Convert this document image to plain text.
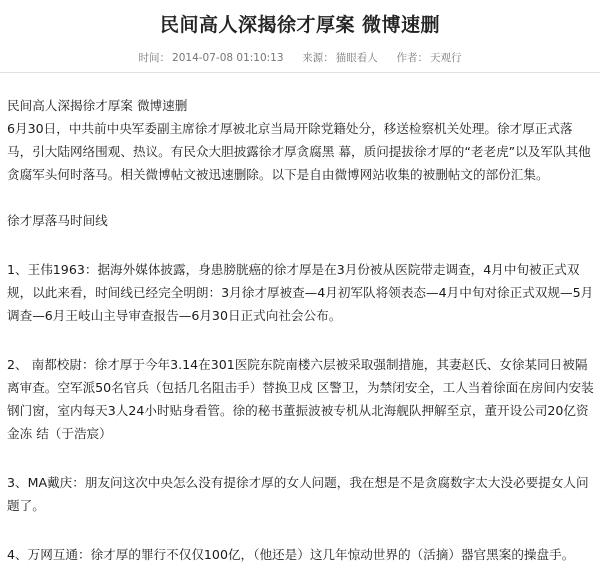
民间高人深揭徐才厚案 微博速删
时间： 2014-07-08 01:10:13 来源： 猫眼看人 作者： 天观行

民间高人深揭徐才厚案 微博速删

6月30日，中共前中央军委副主席徐才厚被北京当局开除党籍处分，移送检察机关处理。徐才厚正式落马，引大陆网络围观、热议。有民众大胆披露徐才厚贪腐黑 幕，质问提拔徐才厚的“老老虎”以及军队其他贪腐军头何时落马。相关微博帖文被迅速删除。以下是自由微博网站收集的被删帖文的部份汇集。

徐才厚落马时间线

1、王伟1963：据海外媒体披露，身患膀胱癌的徐才厚是在3月份被从医院带走调查，4月中旬被正式双规，以此来看，时间线已经完全明朗：3月徐才厚被查—4月初军队将领表态—4月中旬对徐正式双规—5月调查—6月王岐山主导审查报告—6月30日正式向社会公布。

2、 南都校尉：徐才厚于今年3.14在301医院东院南楼六层被采取强制措施，其妻赵氏、女徐某同日被隔离审查。空军派50名官兵（包括几名阻击手）替换卫戍 区警卫，为禁闭安全，工人当着徐面在房间内安装钢门窗，室内每天3人24小时贴身看管。徐的秘书董振波被专机从北海舰队押解至京，董开设公司20亿资金冻 结（于浩宸）

3、MA戴庆：朋友问这次中央怎么没有提徐才厚的女人问题，我在想是不是贪腐数字太大没必要提女人问题了。

4、万网互通：徐才厚的罪行不仅仅100亿，（他还是）这几年惊动世界的（活摘）器官黑案的操盘手。
